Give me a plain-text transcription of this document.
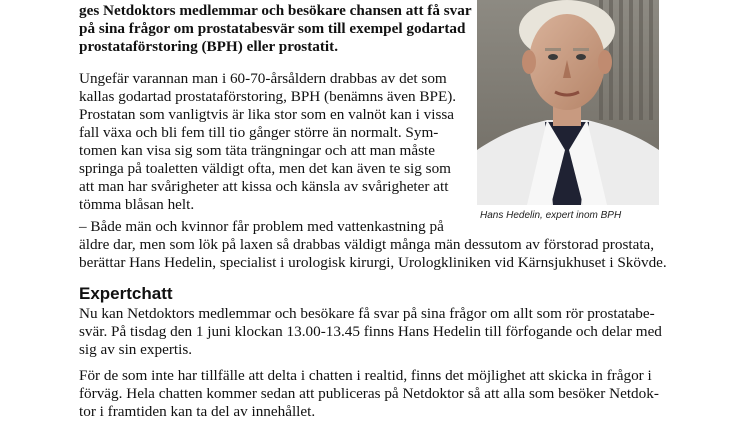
ges Netdoktors medlemmar och besökare chansen att få svar
på sina frågor om prostatabesvär som till exempel godartad
prostataförstoring (BPH) eller prostatit.
Ungefär varannan man i 60-70-årsåldern drabbas av det som
kallas godartad prostataförstoring, BPH (benämns även BPE).
Prostatan som vanligtvis är lika stor som en valnöt kan i vissa
fall växa och bli fem till tio gånger större än normalt. Sym-
tomen kan visa sig som täta trängningar och att man måste
springa på toaletten väldigt ofta, men det kan även te sig som
att man har svårigheter att kissa och känsla av svårigheter att
tömma blåsan helt.
– Både män och kvinnor får problem med vattenkastning på
äldre dar, men som lök på laxen så drabbas väldigt många män dessutom av förstorad prostata,
berättar Hans Hedelin, specialist i urologisk kirurgi, Urologkliniken vid Kärnsjukhuset i Skövde.
Expertchatt
Nu kan Netdoktors medlemmar och besökare få svar på sina frågor om allt som rör prostatabe-
svär. På tisdag den 1 juni klockan 13.00-13.45 finns Hans Hedelin till förfogande och delar med
sig av sin expertis.
För de som inte har tillfälle att delta i chatten i realtid, finns det möjlighet att skicka in frågor i
förväg. Hela chatten kommer sedan att publiceras på Netdoktor så att alla som besöker Netdok-
tor i framtiden kan ta del av innehållet.
Hans Hedelin, expert inom BPH
